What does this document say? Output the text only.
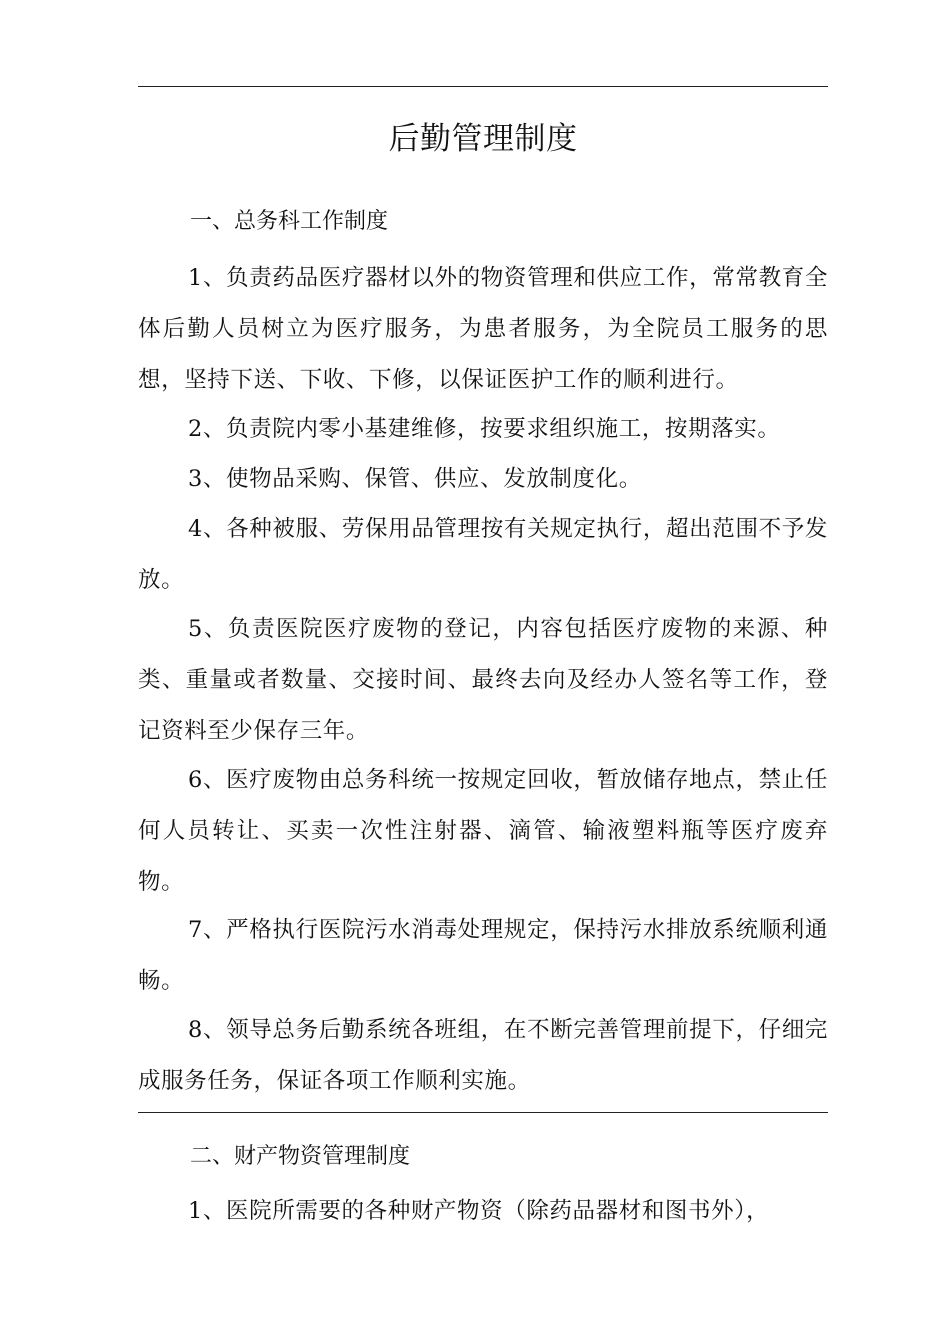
后勤管理制度

一、总务科工作制度

1、负责药品医疗器材以外的物资管理和供应工作，常常教育全体后勤人员树立为医疗服务，为患者服务，为全院员工服务的思想，坚持下送、下收、下修，以保证医护工作的顺利进行。

2、负责院内零小基建维修，按要求组织施工，按期落实。

3、使物品采购、保管、供应、发放制度化。

4、各种被服、劳保用品管理按有关规定执行，超出范围不予发放。

5、负责医院医疗废物的登记，内容包括医疗废物的来源、种类、重量或者数量、交接时间、最终去向及经办人签名等工作，登记资料至少保存三年。

6、医疗废物由总务科统一按规定回收，暂放储存地点，禁止任何人员转让、买卖一次性注射器、滴管、输液塑料瓶等医疗废弃物。

7、严格执行医院污水消毒处理规定，保持污水排放系统顺利通畅。

8、领导总务后勤系统各班组，在不断完善管理前提下，仔细完成服务任务，保证各项工作顺利实施。

二、财产物资管理制度

1、医院所需要的各种财产物资（除药品器材和图书外），
